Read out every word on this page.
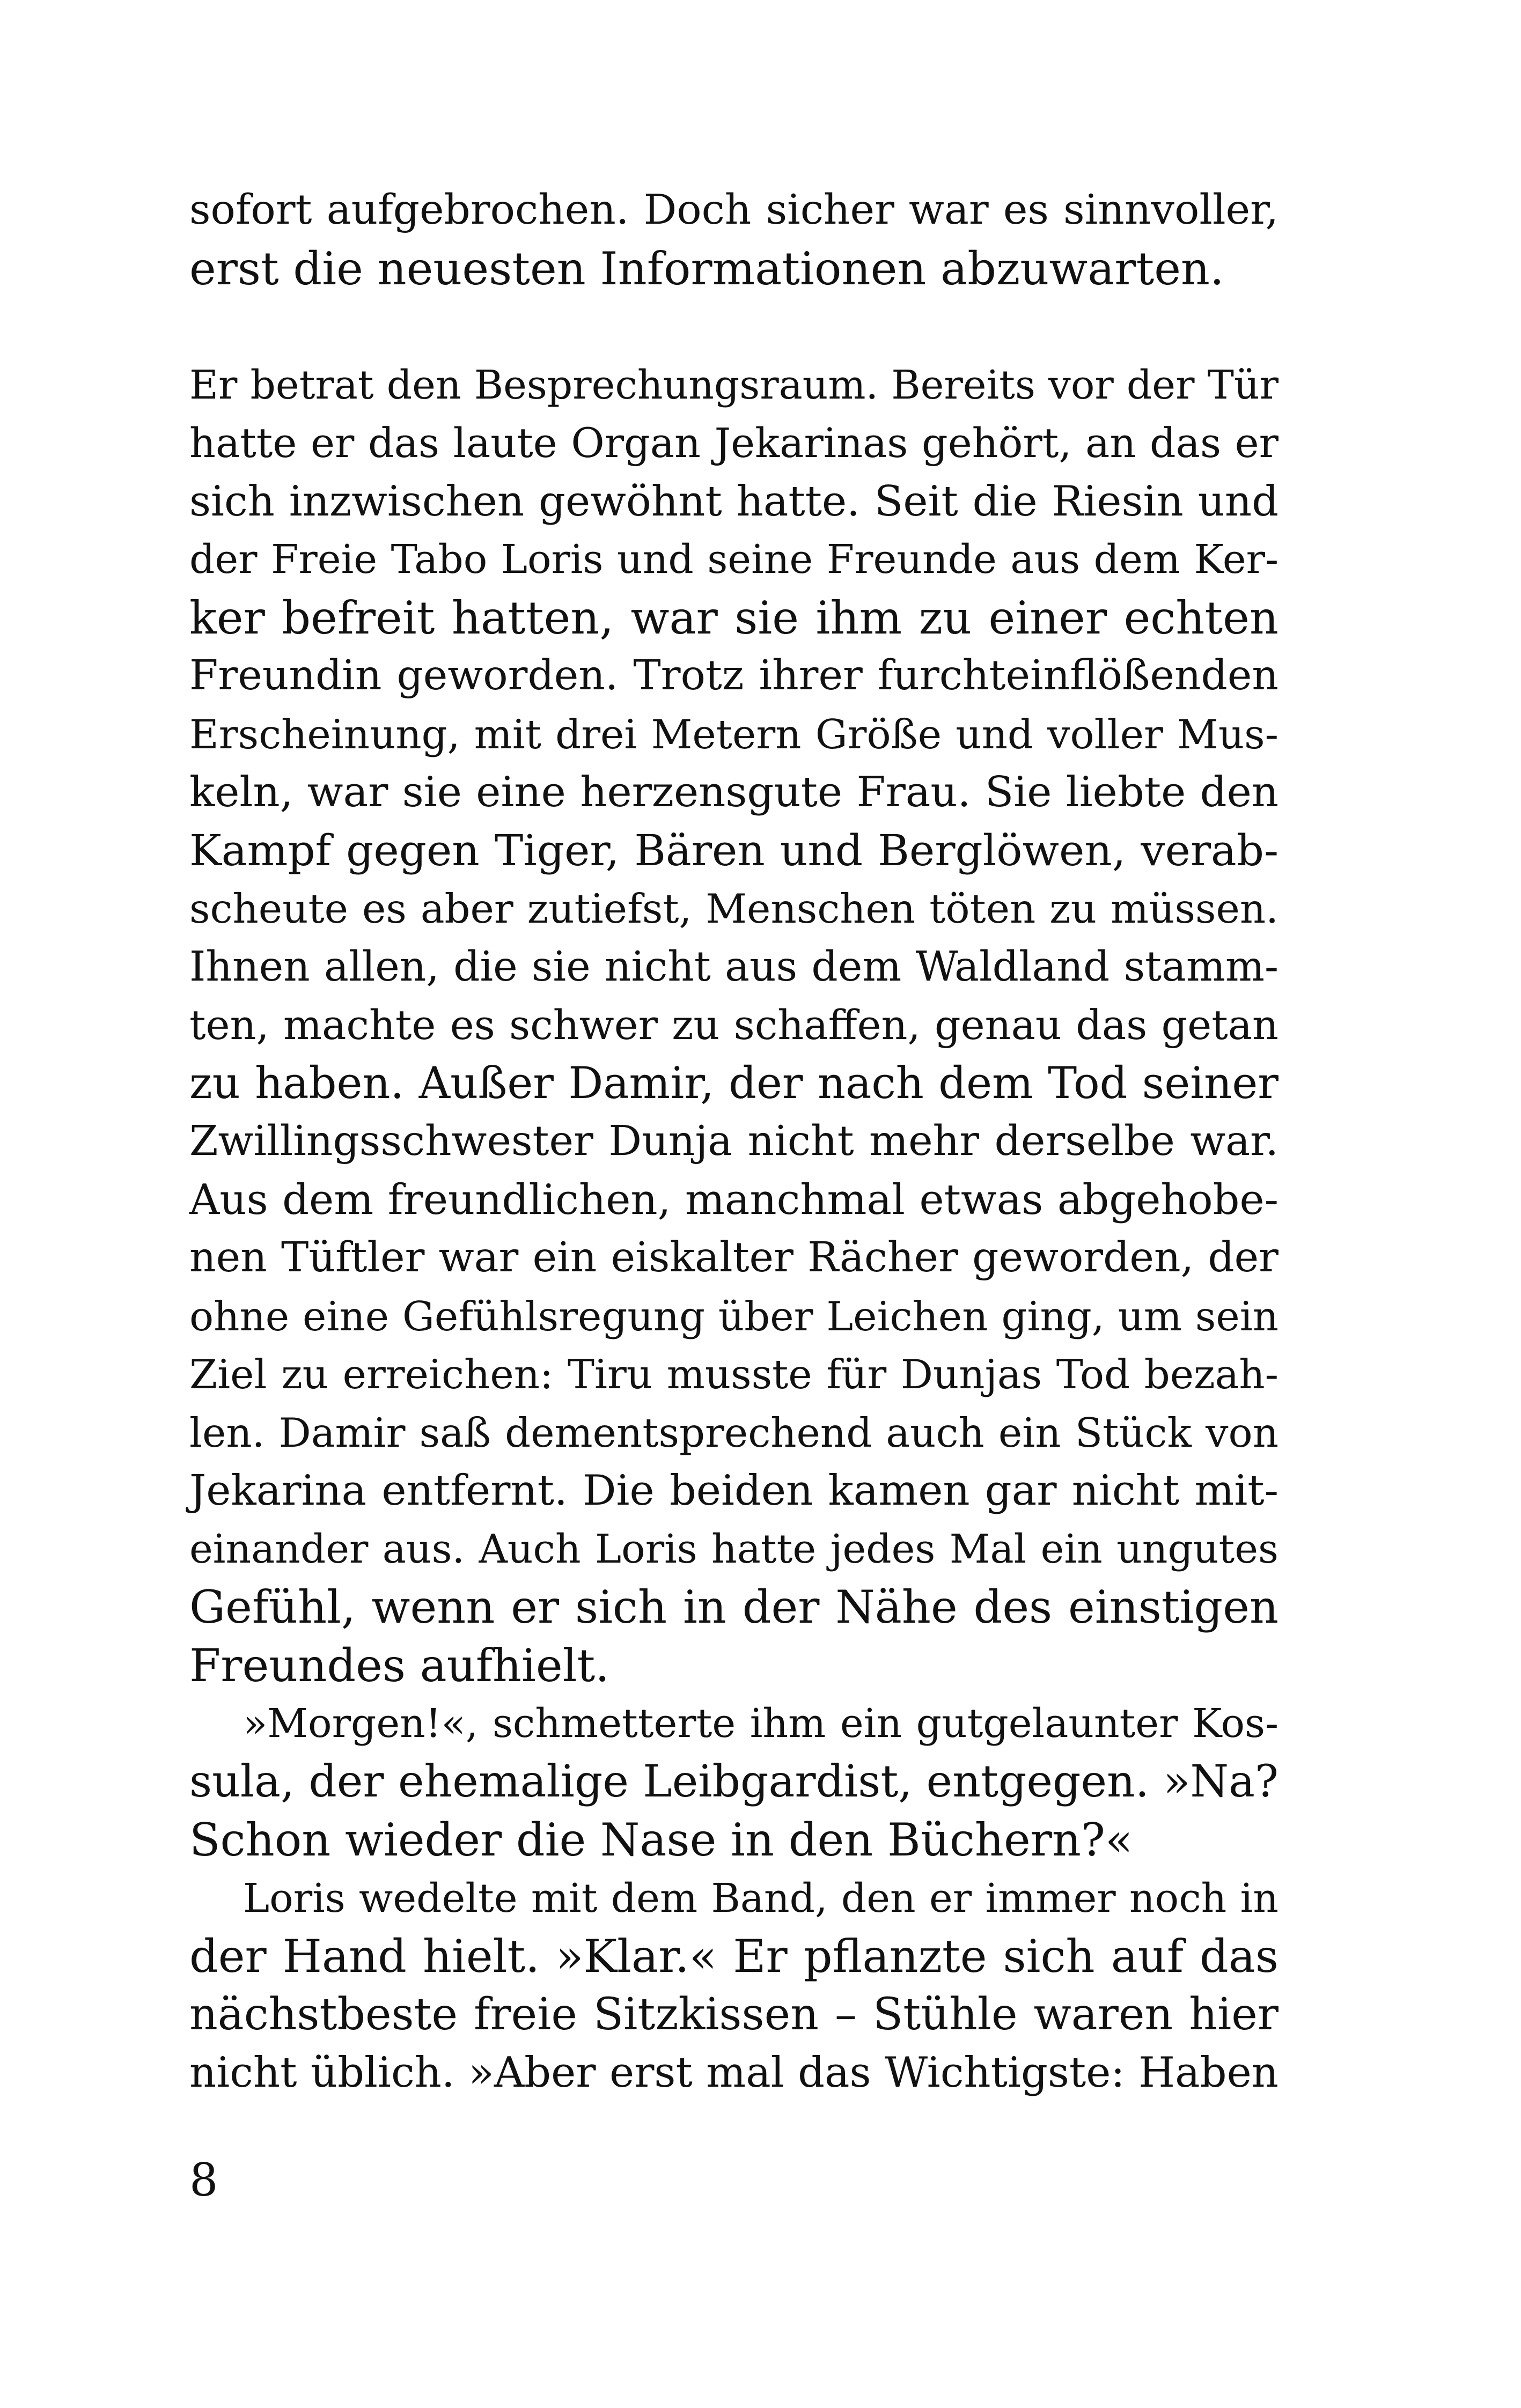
sofort aufgebrochen. Doch sicher war es sinnvoller,
erst die neuesten Informationen abzuwarten.
Er betrat den Besprechungsraum. Bereits vor der Tür
hatte er das laute Organ Jekarinas gehört, an das er
sich inzwischen gewöhnt hatte. Seit die Riesin und
der Freie Tabo Loris und seine Freunde aus dem Ker-
ker befreit hatten, war sie ihm zu einer echten
Freundin geworden. Trotz ihrer furchteinflößenden
Erscheinung, mit drei Metern Größe und voller Mus-
keln, war sie eine herzensgute Frau. Sie liebte den
Kampf gegen Tiger, Bären und Berglöwen, verab-
scheute es aber zutiefst, Menschen töten zu müssen.
Ihnen allen, die sie nicht aus dem Waldland stamm-
ten, machte es schwer zu schaffen, genau das getan
zu haben. Außer Damir, der nach dem Tod seiner
Zwillingsschwester Dunja nicht mehr derselbe war.
Aus dem freundlichen, manchmal etwas abgehobe-
nen Tüftler war ein eiskalter Rächer geworden, der
ohne eine Gefühlsregung über Leichen ging, um sein
Ziel zu erreichen: Tiru musste für Dunjas Tod bezah-
len. Damir saß dementsprechend auch ein Stück von
Jekarina entfernt. Die beiden kamen gar nicht mit-
einander aus. Auch Loris hatte jedes Mal ein ungutes
Gefühl, wenn er sich in der Nähe des einstigen
Freundes aufhielt.
»Morgen!«, schmetterte ihm ein gutgelaunter Kos-
sula, der ehemalige Leibgardist, entgegen. »Na?
Schon wieder die Nase in den Büchern?«
Loris wedelte mit dem Band, den er immer noch in
der Hand hielt. »Klar.« Er pflanzte sich auf das
nächstbeste freie Sitzkissen – Stühle waren hier
nicht üblich. »Aber erst mal das Wichtigste: Haben
8
